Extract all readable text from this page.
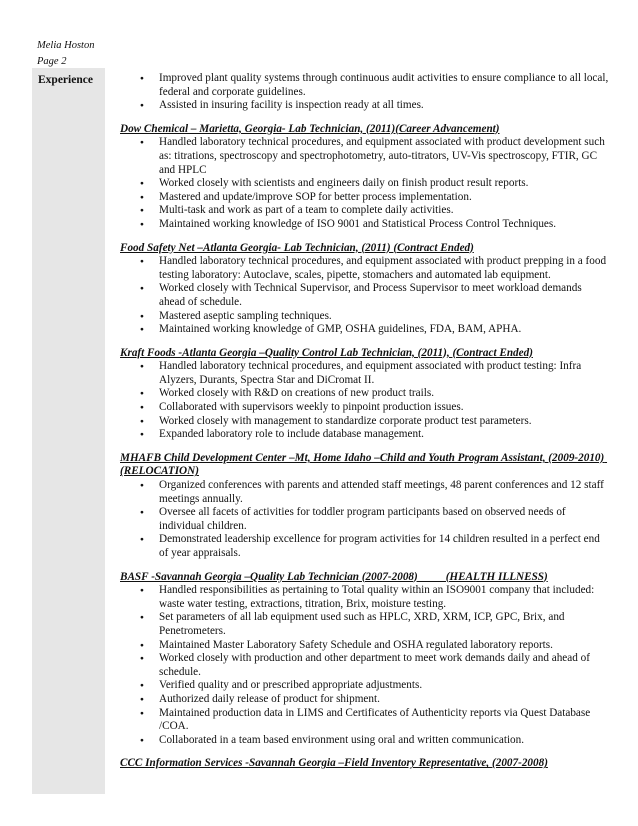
Melia Hoston
Page 2
Experience
●	Improved plant quality systems through continuous audit activities to ensure compliance to all local, federal and corporate guidelines.
● Assisted in insuring facility is inspection ready at all times.
Dow Chemical – Marietta, Georgia- Lab Technician, (2011)(Career Advancement)
● Handled laboratory technical procedures, and equipment associated with product development such as: titrations, spectroscopy and spectrophotometry, auto-titrators, UV-Vis spectroscopy, FTIR, GC and HPLC
● Worked closely with scientists and engineers daily on finish product result reports.
● Mastered and update/improve SOP for better process implementation.
● Multi-task and work as part of a team to complete daily activities.
● Maintained working knowledge of ISO 9001 and Statistical Process Control Techniques.
Food Safety Net –Atlanta Georgia- Lab Technician, (2011) (Contract Ended)
● Handled laboratory technical procedures, and equipment associated with product prepping in a food testing laboratory: Autoclave, scales, pipette, stomachers and automated lab equipment.
● Worked closely with Technical Supervisor, and Process Supervisor to meet workload demands ahead of schedule.
● Mastered aseptic sampling techniques.
● Maintained working knowledge of GMP, OSHA guidelines, FDA, BAM, APHA.
Kraft Foods -Atlanta Georgia –Quality Control Lab Technician, (2011), (Contract Ended)
● Handled laboratory technical procedures, and equipment associated with product testing: Infra Alyzers, Durants, Spectra Star and DiCromat II.
● Worked closely with R&D on creations of new product trails.
● Collaborated with supervisors weekly to pinpoint production issues.
● Worked closely with management to standardize corporate product test parameters.
● Expanded laboratory role to include database management.
MHAFB Child Development Center –Mt, Home Idaho –Child and Youth Program Assistant, (2009-2010) (RELOCATION)
● Organized conferences with parents and attended staff meetings, 48 parent conferences and 12 staff meetings annually.
● Oversee all facets of activities for toddler program participants based on observed needs of individual children.
● Demonstrated leadership excellence for program activities for 14 children resulted in a perfect end of year appraisals.
BASF -Savannah Georgia –Quality Lab Technician (2007-2008)          (HEALTH ILLNESS)
● Handled responsibilities as pertaining to Total quality within an ISO9001 company that included: waste water testing, extractions, titration, Brix, moisture testing.
● Set parameters of all lab equipment used such as HPLC, XRD, XRM, ICP, GPC, Brix, and Penetrometers.
● Maintained Master Laboratory Safety Schedule and OSHA regulated laboratory reports.
● Worked closely with production and other department to meet work demands daily and ahead of schedule.
● Verified quality and or prescribed appropriate adjustments.
● Authorized daily release of product for shipment.
● Maintained production data in LIMS and Certificates of Authenticity reports via Quest Database /COA.
● Collaborated in a team based environment using oral and written communication.
CCC Information Services -Savannah Georgia –Field Inventory Representative, (2007-2008)
